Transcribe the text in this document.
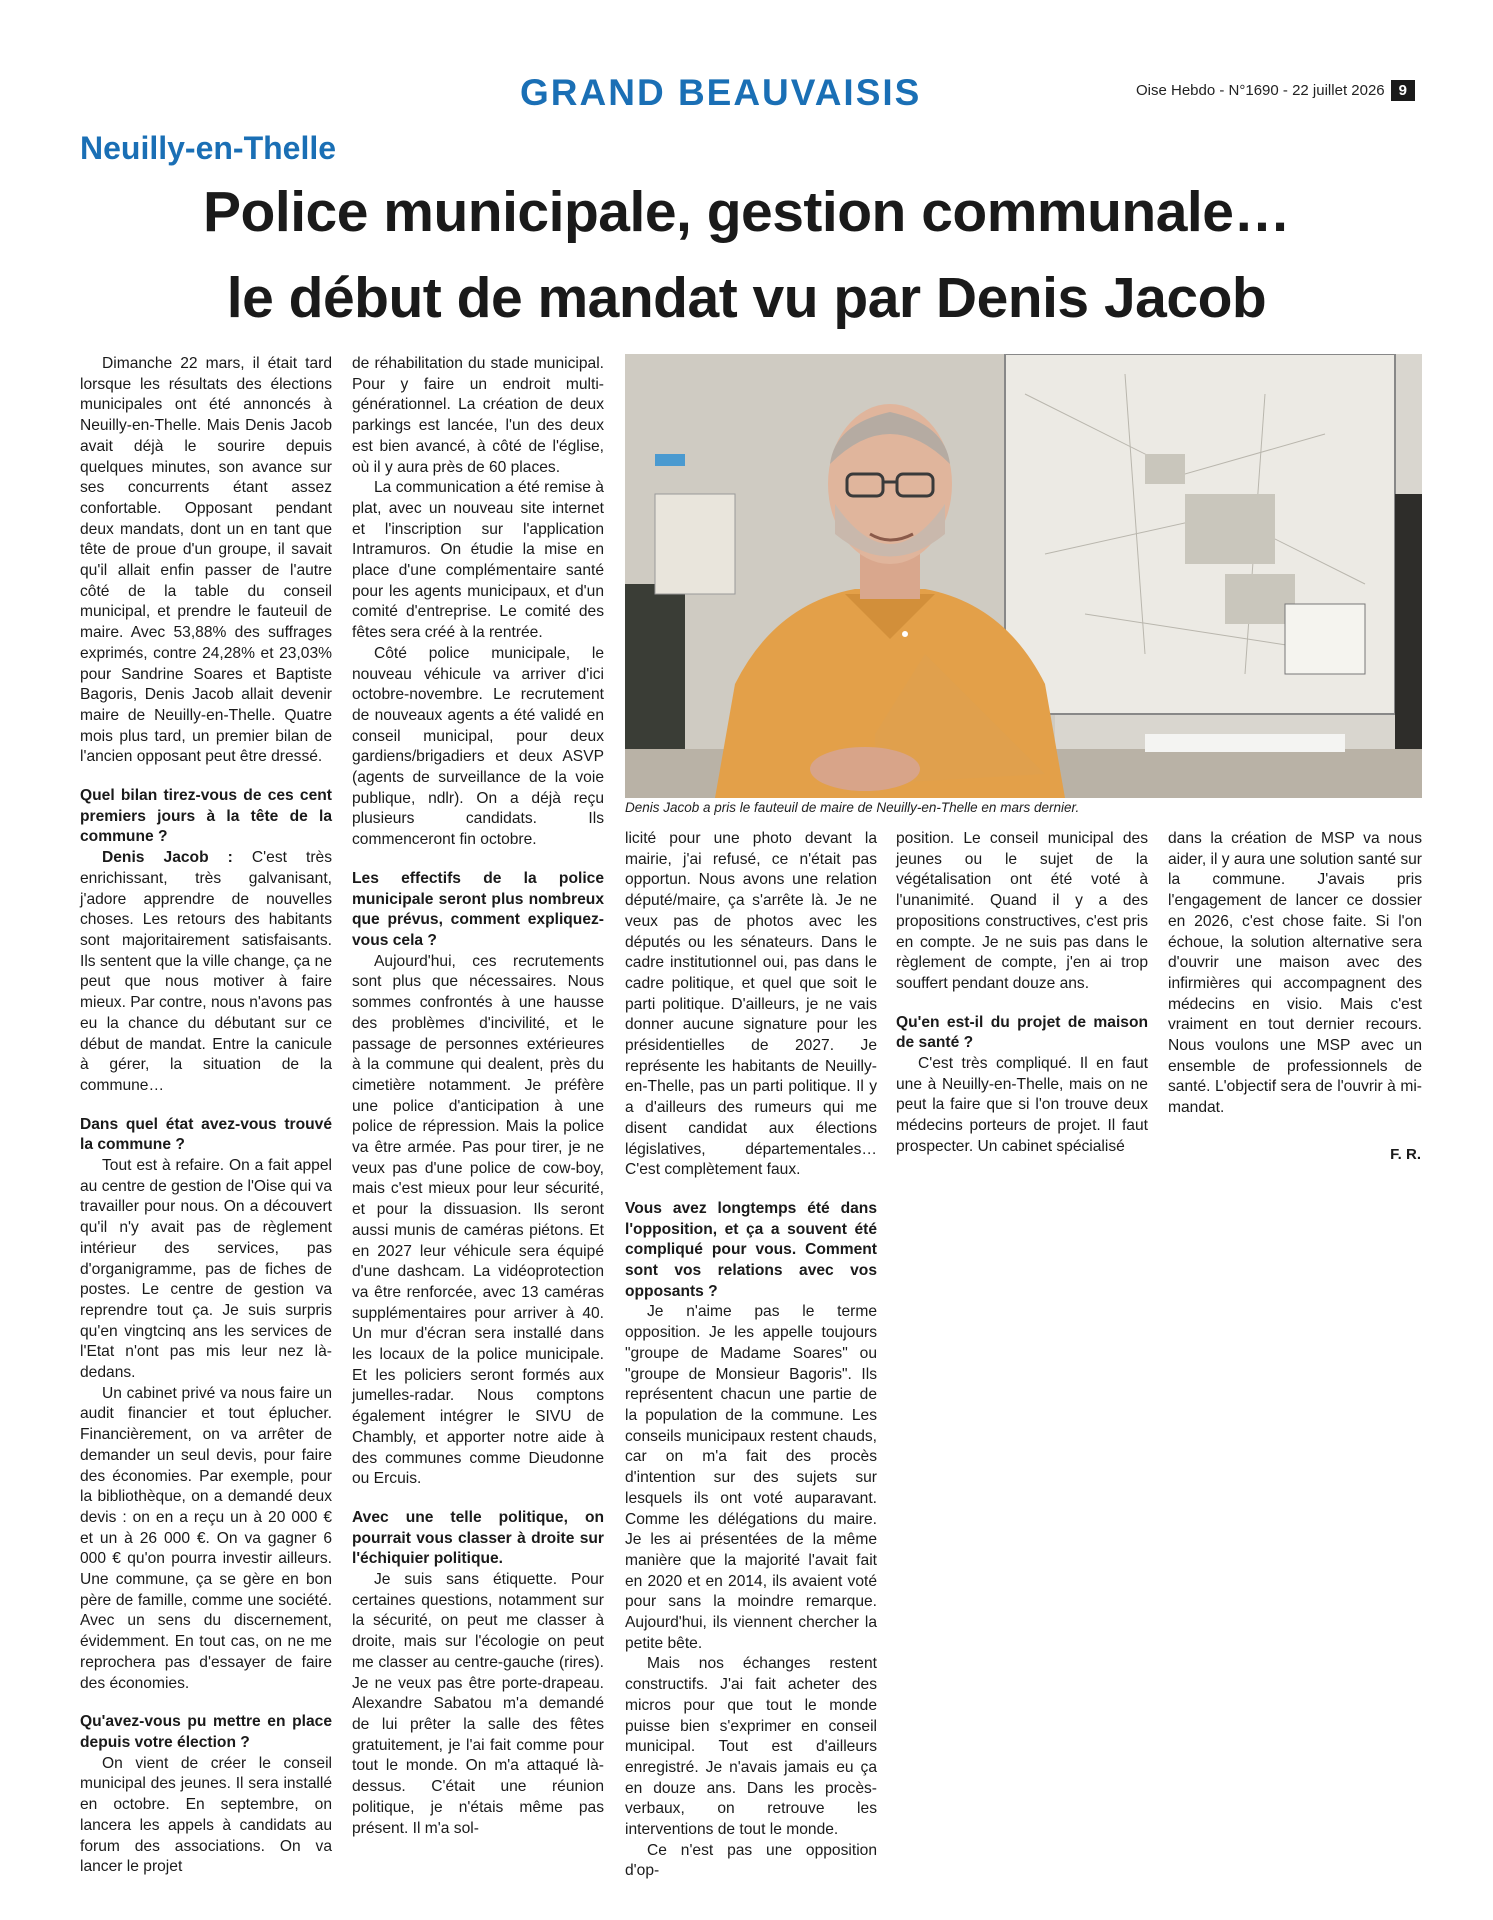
GRAND BEAUVAISIS	Oise Hebdo - N°1690 - 22 juillet 2026 9
Neuilly-en-Thelle
Police municipale, gestion communale…
le début de mandat vu par Denis Jacob

Dimanche 22 mars, il était tard lorsque les résultats des élections municipales ont été annoncés à Neuilly-en-Thelle. Mais Denis Jacob avait déjà le sourire depuis quelques minutes, son avance sur ses concurrents étant assez confortable. Opposant pendant deux mandats, dont un en tant que tête de proue d'un groupe, il savait qu'il allait enfin passer de l'autre côté de la table du conseil municipal, et prendre le fauteuil de maire. Avec 53,88% des suffrages exprimés, contre 24,28% et 23,03% pour Sandrine Soares et Baptiste Bagoris, Denis Jacob allait devenir maire de Neuilly-en-Thelle. Quatre mois plus tard, un premier bilan de l'ancien opposant peut être dressé.

Quel bilan tirez-vous de ces cent premiers jours à la tête de la commune ?

Denis Jacob : C'est très enrichissant, très galvanisant, j'adore apprendre de nouvelles choses. Les retours des habitants sont majoritairement satisfaisants. Ils sentent que la ville change, ça ne peut que nous motiver à faire mieux. Par contre, nous n'avons pas eu la chance du débutant sur ce début de mandat. Entre la canicule à gérer, la situation de la commune…

Dans quel état avez-vous trouvé la commune ?

Tout est à refaire. On a fait appel au centre de gestion de l'Oise qui va travailler pour nous. On a découvert qu'il n'y avait pas de règlement intérieur des services, pas d'organigramme, pas de fiches de postes. Le centre de gestion va reprendre tout ça. Je suis surpris qu'en vingtcinq ans les services de l'Etat n'ont pas mis leur nez là-dedans.

Un cabinet privé va nous faire un audit financier et tout éplucher. Financièrement, on va arrêter de demander un seul devis, pour faire des économies. Par exemple, pour la bibliothèque, on a demandé deux devis : on en a reçu un à 20 000 € et un à 26 000 €. On va gagner 6 000 € qu'on pourra investir ailleurs. Une commune, ça se gère en bon père de famille, comme une société. Avec un sens du discernement, évidemment. En tout cas, on ne me reprochera pas d'essayer de faire des économies.

Qu'avez-vous pu mettre en place depuis votre élection ?

On vient de créer le conseil municipal des jeunes. Il sera installé en octobre. En septembre, on lancera les appels à candidats au forum des associations. On va lancer le projet

de réhabilitation du stade municipal. Pour y faire un endroit multi-générationnel. La création de deux parkings est lancée, l'un des deux est bien avancé, à côté de l'église, où il y aura près de 60 places.

La communication a été remise à plat, avec un nouveau site internet et l'inscription sur l'application Intramuros. On étudie la mise en place d'une complémentaire santé pour les agents municipaux, et d'un comité d'entreprise. Le comité des fêtes sera créé à la rentrée.

Côté police municipale, le nouveau véhicule va arriver d'ici octobre-novembre. Le recrutement de nouveaux agents a été validé en conseil municipal, pour deux gardiens/brigadiers et deux ASVP (agents de surveillance de la voie publique, ndlr). On a déjà reçu plusieurs candidats. Ils commenceront fin octobre.

Les effectifs de la police municipale seront plus nombreux que prévus, comment expliquez-vous cela ?

Aujourd'hui, ces recrutements sont plus que nécessaires. Nous sommes confrontés à une hausse des problèmes d'incivilité, et le passage de personnes extérieures à la commune qui dealent, près du cimetière notamment. Je préfère une police d'anticipation à une police de répression. Mais la police va être armée. Pas pour tirer, je ne veux pas d'une police de cow-boy, mais c'est mieux pour leur sécurité, et pour la dissuasion. Ils seront aussi munis de caméras piétons. Et en 2027 leur véhicule sera équipé d'une dashcam. La vidéoprotection va être renforcée, avec 13 caméras supplémentaires pour arriver à 40. Un mur d'écran sera installé dans les locaux de la police municipale. Et les policiers seront formés aux jumelles-radar. Nous comptons également intégrer le SIVU de Chambly, et apporter notre aide à des communes comme Dieudonne ou Ercuis.

Avec une telle politique, on pourrait vous classer à droite sur l'échiquier politique.

Je suis sans étiquette. Pour certaines questions, notamment sur la sécurité, on peut me classer à droite, mais sur l'écologie on peut me classer au centre-gauche (rires). Je ne veux pas être porte-drapeau. Alexandre Sabatou m'a demandé de lui prêter la salle des fêtes gratuitement, je l'ai fait comme pour tout le monde. On m'a attaqué là-dessus. C'était une réunion politique, je n'étais même pas présent. Il m'a sol-

Denis Jacob a pris le fauteuil de maire de Neuilly-en-Thelle en mars dernier.

licité pour une photo devant la mairie, j'ai refusé, ce n'était pas opportun. Nous avons une relation député/maire, ça s'arrête là. Je ne veux pas de photos avec les députés ou les sénateurs. Dans le cadre institutionnel oui, pas dans le cadre politique, et quel que soit le parti politique. D'ailleurs, je ne vais donner aucune signature pour les présidentielles de 2027. Je représente les habitants de Neuilly-en-Thelle, pas un parti politique. Il y a d'ailleurs des rumeurs qui me disent candidat aux élections législatives, départementales… C'est complètement faux.

Vous avez longtemps été dans l'opposition, et ça a souvent été compliqué pour vous. Comment sont vos relations avec vos opposants ?

Je n'aime pas le terme opposition. Je les appelle toujours "groupe de Madame Soares" ou "groupe de Monsieur Bagoris". Ils représentent chacun une partie de la population de la commune. Les conseils municipaux restent chauds, car on m'a fait des procès d'intention sur des sujets sur lesquels ils ont voté auparavant. Comme les délégations du maire. Je les ai présentées de la même manière que la majorité l'avait fait en 2020 et en 2014, ils avaient voté pour sans la moindre remarque. Aujourd'hui, ils viennent chercher la petite bête.

Mais nos échanges restent constructifs. J'ai fait acheter des micros pour que tout le monde puisse bien s'exprimer en conseil municipal. Tout est d'ailleurs enregistré. Je n'avais jamais eu ça en douze ans. Dans les procès-verbaux, on retrouve les interventions de tout le monde.

Ce n'est pas une opposition d'op-

position. Le conseil municipal des jeunes ou le sujet de la végétalisation ont été voté à l'unanimité. Quand il y a des propositions constructives, c'est pris en compte. Je ne suis pas dans le règlement de compte, j'en ai trop souffert pendant douze ans.

Qu'en est-il du projet de maison de santé ?

C'est très compliqué. Il en faut une à Neuilly-en-Thelle, mais on ne peut la faire que si l'on trouve deux médecins porteurs de projet. Il faut prospecter. Un cabinet spécialisé

dans la création de MSP va nous aider, il y aura une solution santé sur la commune. J'avais pris l'engagement de lancer ce dossier en 2026, c'est chose faite. Si l'on échoue, la solution alternative sera d'ouvrir une maison avec des infirmières qui accompagnent des médecins en visio. Mais c'est vraiment en tout dernier recours. Nous voulons une MSP avec un ensemble de professionnels de santé. L'objectif sera de l'ouvrir à mi-mandat.

F. R.
